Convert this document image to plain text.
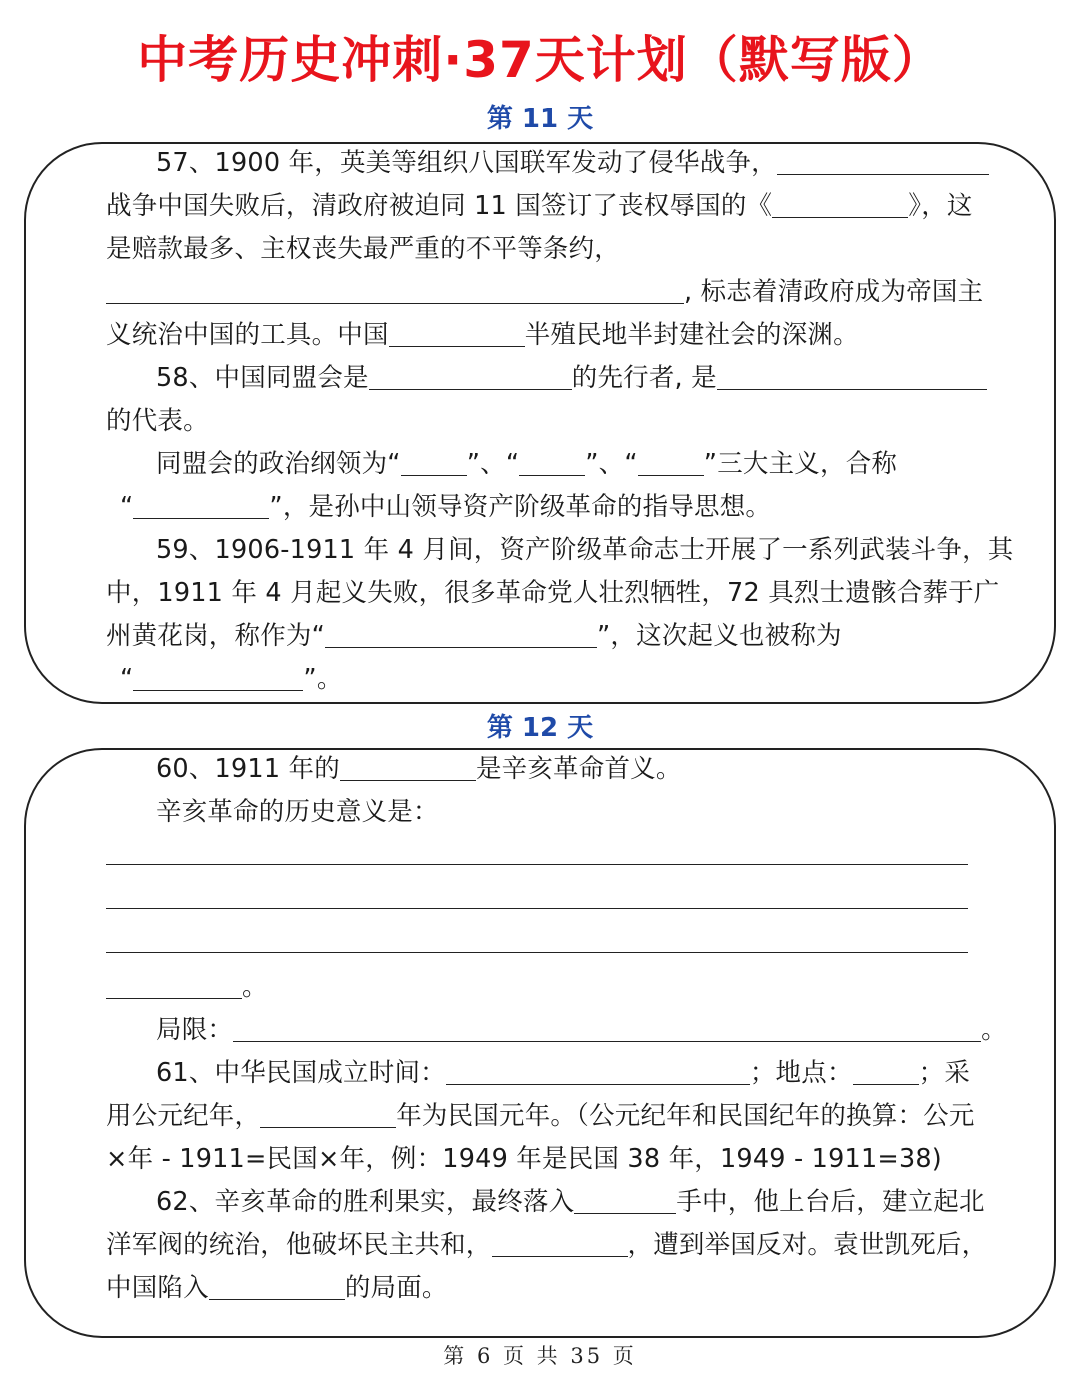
中考历史冲刺·37天计划（默写版）
第 11 天

57、1900 年，英美等组织八国联军发动了侵华战争，

战争中国失败后，清政府被迫同 11 国签订了丧权辱国的《	》，这

是赔款最多、主权丧失最严重的不平等条约，

, 标志着清政府成为帝国主

义统治中国的工具。中国	半殖民地半封建社会的深渊。

58、中国同盟会是	的先行者, 是

的代表。

同盟会的政治纲领为“	”、“	”、“	”三大主义，合称

“	”，是孙中山领导资产阶级革命的指导思想。

59、1906-1911 年 4 月间，资产阶级革命志士开展了一系列武装斗争，其

中，1911 年 4 月起义失败，很多革命党人壮烈牺牲，72 具烈士遗骸合葬于广

州黄花岗，称作为“	”，这次起义也被称为

“	”。

第 12 天

60、1911 年的	是辛亥革命首义。

辛亥革命的历史意义是：

。

局限：	。

61、中华民国成立时间：	；地点：	；采

用公元纪年，	年为民国元年。（公元纪年和民国纪年的换算：公元

×年 - 1911=民国×年，例：1949 年是民国 38 年，1949 - 1911=38)

62、辛亥革命的胜利果实，最终落入	手中，他上台后，建立起北

洋军阀的统治，他破坏民主共和，	，遭到举国反对。袁世凯死后，

中国陷入	的局面。

第 6 页 共 35 页
